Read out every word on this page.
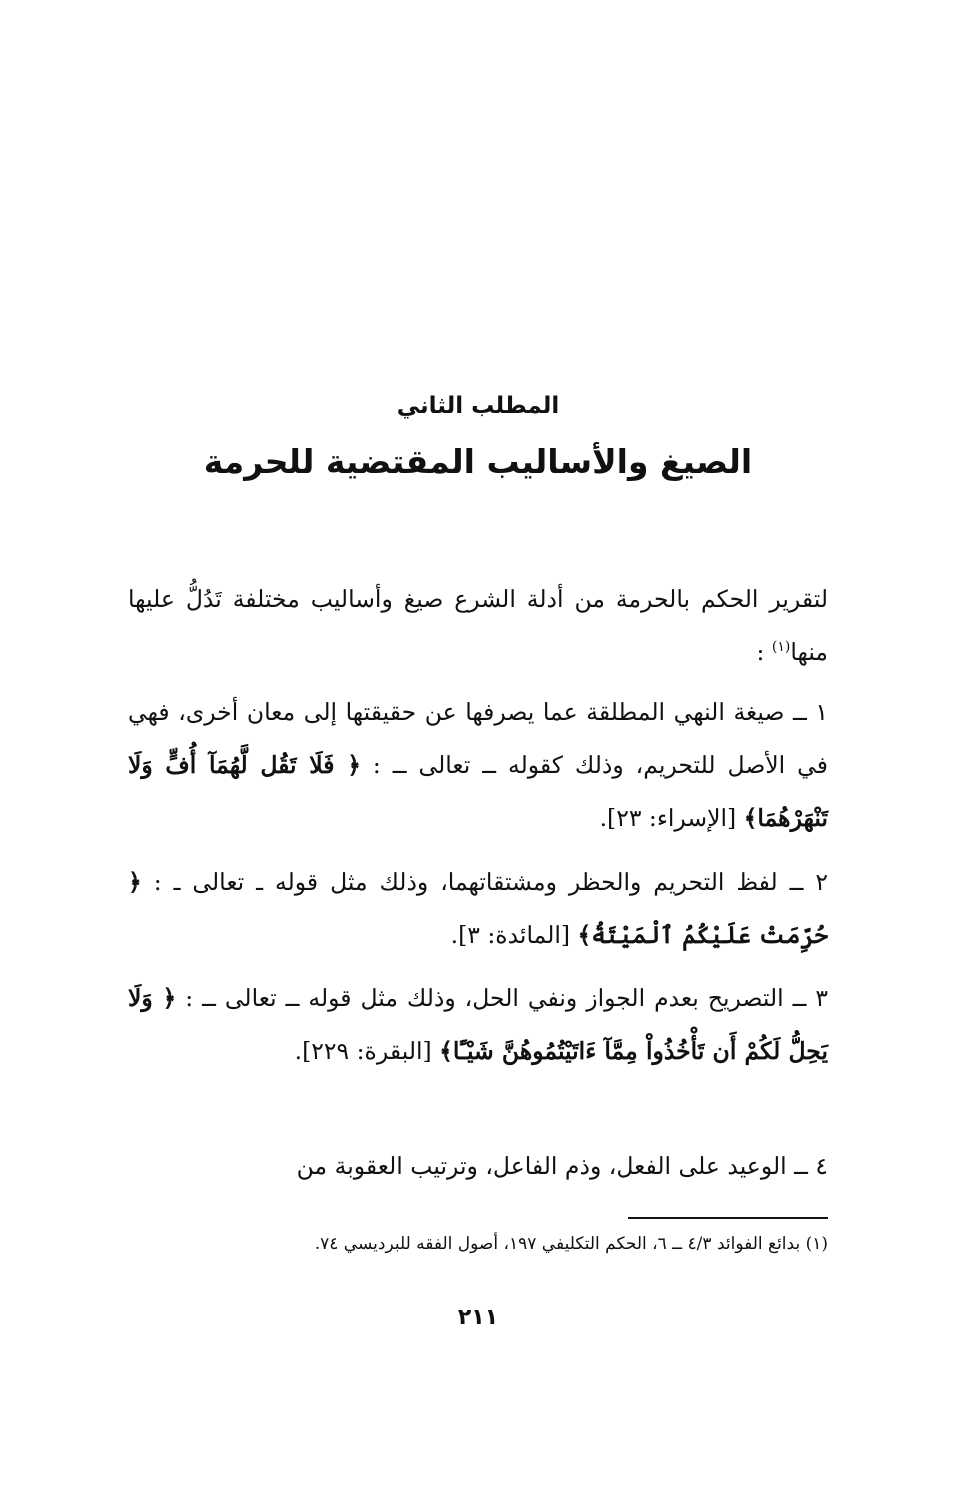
المطلب الثاني
الصيغ والأساليب المقتضية للحرمة

لتقرير الحكم بالحرمة من أدلة الشرع صيغ وأساليب مختلفة تَدُلُّ عليها منها$^{(١)}$ :

١ ــ صيغة النهي المطلقة عما يصرفها عن حقيقتها إلى معان أخرى، فهي في الأصل للتحريم، وذلك كقوله ــ تعالى ــ : ﴿ فَلَا تَقُل لَّهُمَآ أُفٍّ وَلَا تَنْهَرْهُمَا﴾ [الإسراء: ٢٣].

٢ ــ لفظ التحريم والحظر ومشتقاتهما، وذلك مثل قوله ـ تعالى ـ : ﴿ حُرِّمَتْ عَلَيْكُمُ ٱلْمَيْتَةُ﴾ [المائدة: ٣].

٣ ــ التصريح بعدم الجواز ونفي الحل، وذلك مثل قوله ــ تعالى ــ : ﴿ وَلَا يَحِلُّ لَكُمْ أَن تَأْخُذُواْ مِمَّآ ءَاتَيْتُمُوهُنَّ شَيْـًٔا﴾ [البقرة: ٢٢٩].

٤ ــ الوعيد على الفعل، وذم الفاعل، وترتيب العقوبة من

(١) بدائع الفوائد ٤/٣ ــ ٦، الحكم التكليفي ١٩٧، أصول الفقه للبرديسي ٧٤.
٢١١
